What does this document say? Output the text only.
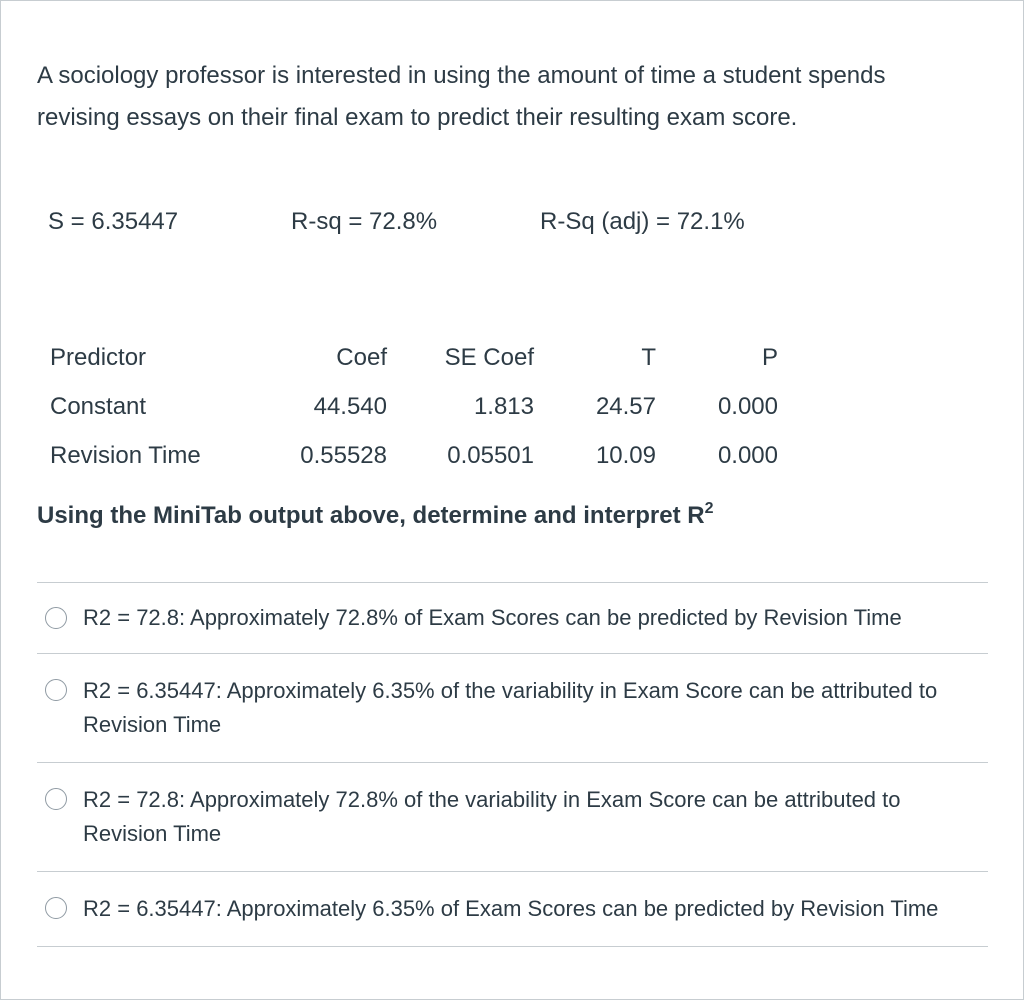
A sociology professor is interested in using the amount of time a student spends revising essays on their final exam to predict their resulting exam score.

S = 6.35447	R-sq = 72.8%	R-Sq (adj) = 72.1%
Predictor	Coef	SE Coef	T	P
Constant	44.540	1.813	24.57	0.000
Revision Time	0.55528	0.05501	10.09	0.000

Using the MiniTab output above, determine and interpret $R^2$

R2 = 72.8: Approximately 72.8% of Exam Scores can be predicted by Revision Time
R2 = 6.35447: Approximately 6.35% of the variability in Exam Score can be attributed to Revision Time
R2 = 72.8: Approximately 72.8% of the variability in Exam Score can be attributed to Revision Time
R2 = 6.35447: Approximately 6.35% of Exam Scores can be predicted by Revision Time
